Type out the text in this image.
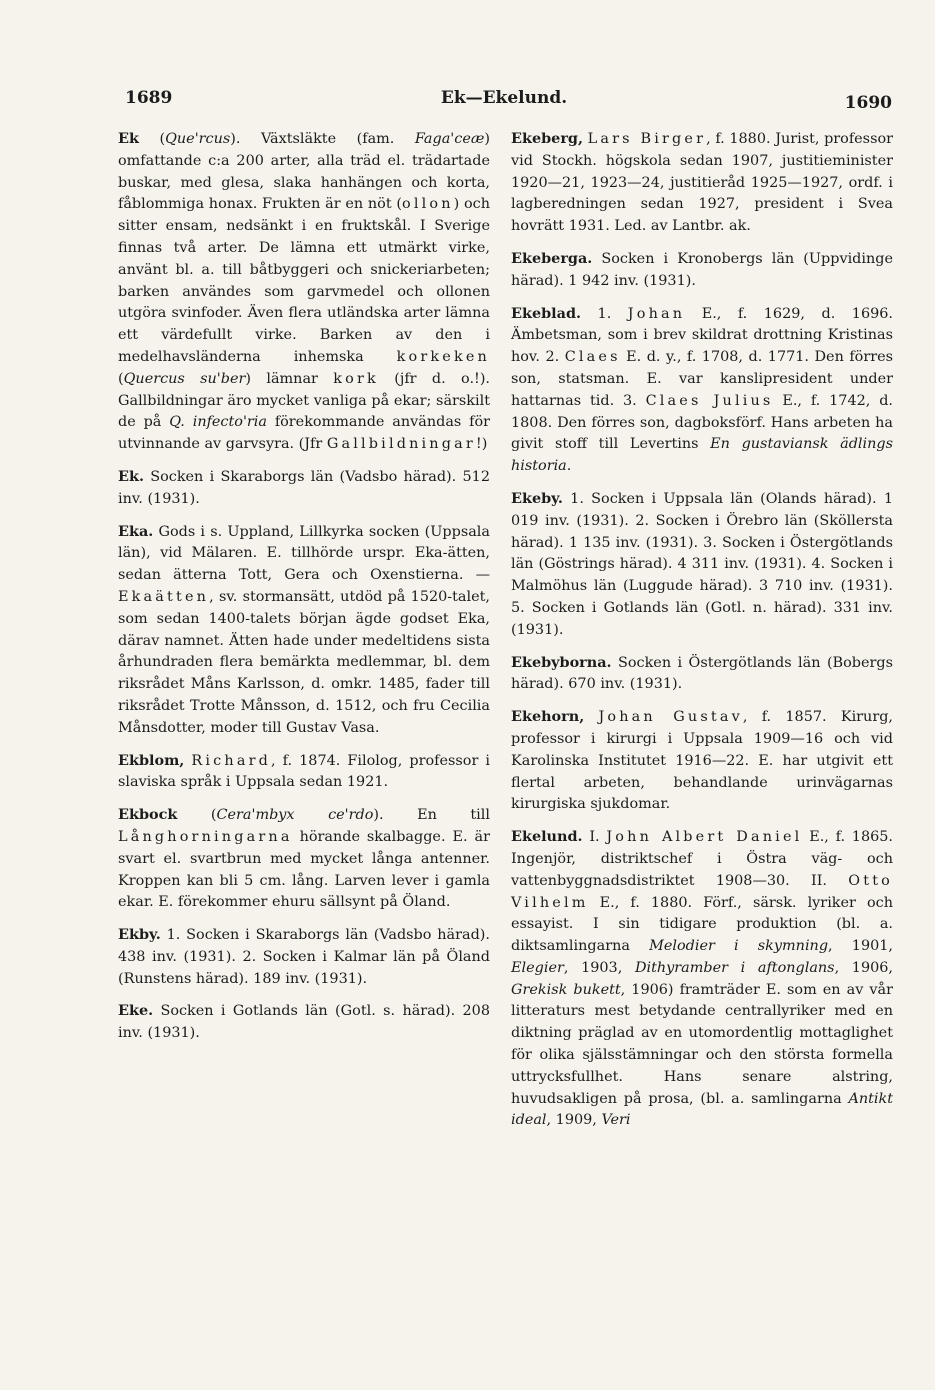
1689	Ek—Ekelund.	1690

Ek (Que'rcus). Växtsläkte (fam. Faga'ceæ) omfattande c:a 200 arter, alla träd el. trädartade buskar, med glesa, slaka hanhängen och korta, fåblommiga honax. Frukten är en nöt (ollon) och sitter ensam, nedsänkt i en fruktskål. I Sverige finnas två arter. De lämna ett utmärkt virke, använt bl. a. till båtbyggeri och snickeriarbeten; barken användes som garvmedel och ollonen utgöra svinfoder. Även flera utländska arter lämna ett värdefullt virke. Barken av den i medelhavsländerna inhemska korkeken (Quercus su'ber) lämnar kork (jfr d. o.!). Gallbildningar äro mycket vanliga på ekar; särskilt de på Q. infecto'ria förekommande användas för utvinnande av garvsyra. (Jfr Gallbildningar!)

Ek. Socken i Skaraborgs län (Vadsbo härad). 512 inv. (1931).

Eka. Gods i s. Uppland, Lillkyrka socken (Uppsala län), vid Mälaren. E. tillhörde urspr. Eka-ätten, sedan ätterna Tott, Gera och Oxenstierna. — Ekaätten, sv. stormansätt, utdöd på 1520-talet, som sedan 1400-talets början ägde godset Eka, därav namnet. Ätten hade under medeltidens sista århundraden flera bemärkta medlemmar, bl. dem riksrådet Måns Karlsson, d. omkr. 1485, fader till riksrådet Trotte Månsson, d. 1512, och fru Cecilia Månsdotter, moder till Gustav Vasa.

Ekblom, Richard, f. 1874. Filolog, professor i slaviska språk i Uppsala sedan 1921.

Ekbock (Cera'mbyx ce'rdo). En till Långhorningarna hörande skalbagge. E. är svart el. svartbrun med mycket långa antenner. Kroppen kan bli 5 cm. lång. Larven lever i gamla ekar. E. förekommer ehuru sällsynt på Öland.

Ekby. 1. Socken i Skaraborgs län (Vadsbo härad). 438 inv. (1931). 2. Socken i Kalmar län på Öland (Runstens härad). 189 inv. (1931).

Eke. Socken i Gotlands län (Gotl. s. härad). 208 inv. (1931).

Ekeberg, Lars Birger, f. 1880. Jurist, professor vid Stockh. högskola sedan 1907, justitieminister 1920—21, 1923—24, justitieråd 1925—1927, ordf. i lagberedningen sedan 1927, president i Svea hovrätt 1931. Led. av Lantbr. ak.

Ekeberga. Socken i Kronobergs län (Uppvidinge härad). 1 942 inv. (1931).

Ekeblad. 1. Johan E., f. 1629, d. 1696. Ämbetsman, som i brev skildrat drottning Kristinas hov. 2. Claes E. d. y., f. 1708, d. 1771. Den förres son, statsman. E. var kanslipresident under hattarnas tid. 3. Claes Julius E., f. 1742, d. 1808. Den förres son, dagboksförf. Hans arbeten ha givit stoff till Levertins En gustaviansk ädlings historia.

Ekeby. 1. Socken i Uppsala län (Olands härad). 1 019 inv. (1931). 2. Socken i Örebro län (Sköllersta härad). 1 135 inv. (1931). 3. Socken i Östergötlands län (Göstrings härad). 4 311 inv. (1931). 4. Socken i Malmöhus län (Luggude härad). 3 710 inv. (1931). 5. Socken i Gotlands län (Gotl. n. härad). 331 inv. (1931).

Ekebyborna. Socken i Östergötlands län (Bobergs härad). 670 inv. (1931).

Ekehorn, Johan Gustav, f. 1857. Kirurg, professor i kirurgi i Uppsala 1909—16 och vid Karolinska Institutet 1916—22. E. har utgivit ett flertal arbeten, behandlande urinvägarnas kirurgiska sjukdomar.

Ekelund. I. John Albert Daniel E., f. 1865. Ingenjör, distriktschef i Östra väg- och vattenbyggnadsdistriktet 1908—30. II. Otto Vilhelm E., f. 1880. Förf., särsk. lyriker och essayist. I sin tidigare produktion (bl. a. diktsamlingarna Melodier i skymning, 1901, Elegier, 1903, Dithyramber i aftonglans, 1906, Grekisk bukett, 1906) framträder E. som en av vår litteraturs mest betydande centrallyriker med en diktning präglad av en utomordentlig mottaglighet för olika själsstämningar och den största formella uttrycksfullhet. Hans senare alstring, huvudsakligen på prosa, (bl. a. samlingarna Antikt ideal, 1909, Veri
